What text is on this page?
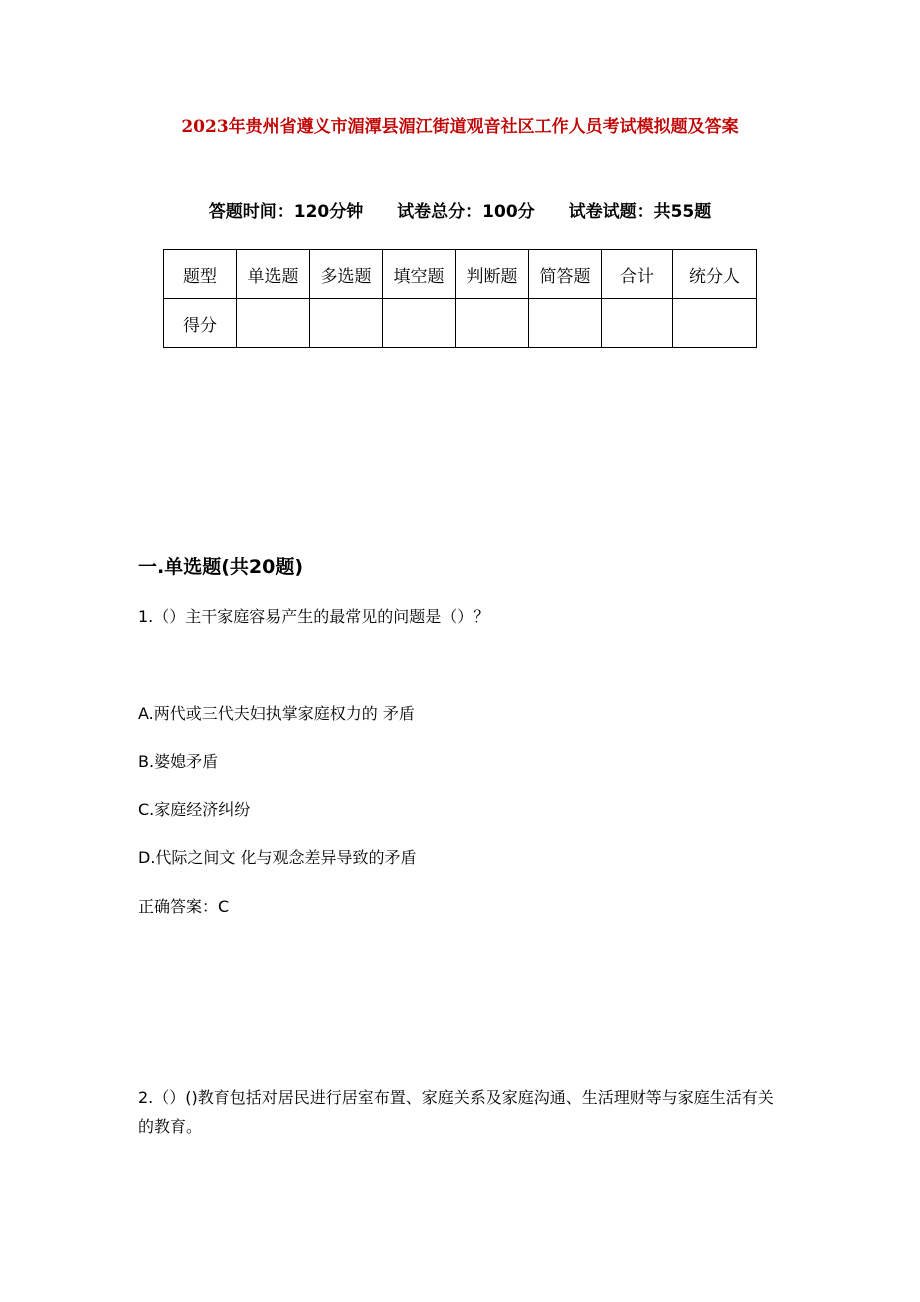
2023年贵州省遵义市湄潭县湄江街道观音社区工作人员考试模拟题及答案
答题时间：120分钟 试卷总分：100分 试卷试题：共55题
题型	单选题	多选题	填空题	判断题	简答题	合计	统分人
得分							
一.单选题(共20题)
1.（）主干家庭容易产生的最常见的问题是（）？
A.两代或三代夫妇执掌家庭权力的 矛盾
B.婆媳矛盾
C.家庭经济纠纷
D.代际之间文 化与观念差异导致的矛盾
正确答案：C
2.（）()教育包括对居民进行居室布置、家庭关系及家庭沟通、生活理财等与家庭生活有关的教育。
